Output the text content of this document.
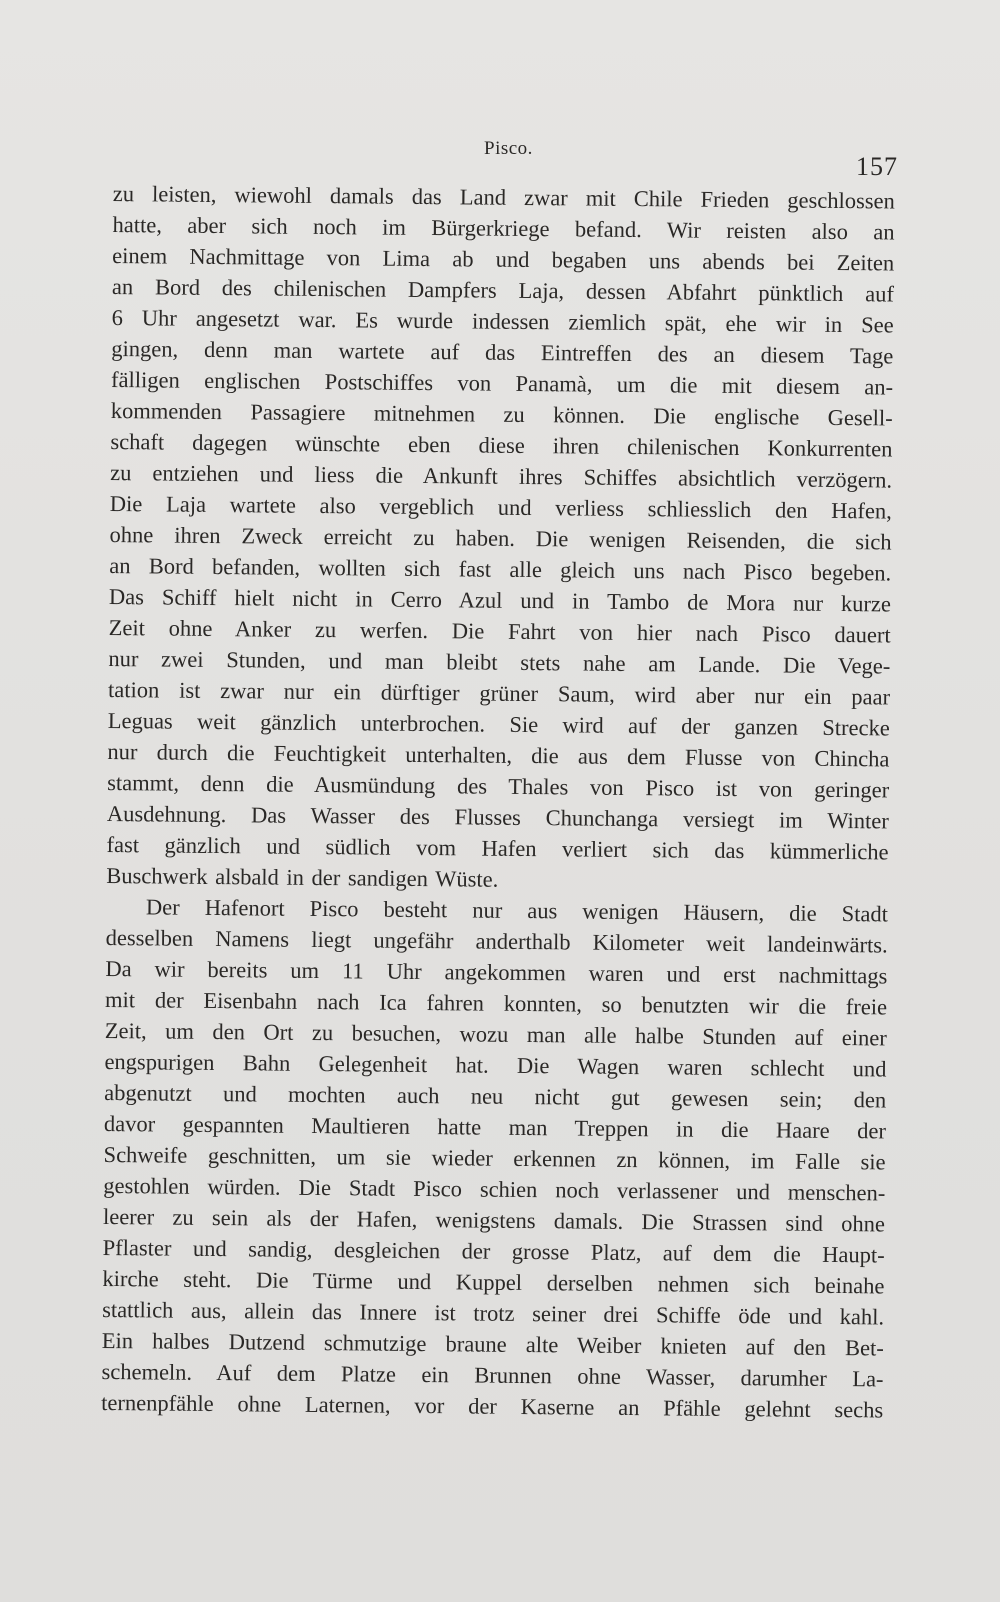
Pisco.
157
zu leisten, wiewohl damals das Land zwar mit Chile Frieden geschlossen
hatte, aber sich noch im Bürgerkriege befand. Wir reisten also an
einem Nachmittage von Lima ab und begaben uns abends bei Zeiten
an Bord des chilenischen Dampfers Laja, dessen Abfahrt pünktlich auf
6 Uhr angesetzt war. Es wurde indessen ziemlich spät, ehe wir in See
gingen, denn man wartete auf das Eintreffen des an diesem Tage
fälligen englischen Postschiffes von Panamà, um die mit diesem an-
kommenden Passagiere mitnehmen zu können. Die englische Gesell-
schaft dagegen wünschte eben diese ihren chilenischen Konkurrenten
zu entziehen und liess die Ankunft ihres Schiffes absichtlich verzögern.
Die Laja wartete also vergeblich und verliess schliesslich den Hafen,
ohne ihren Zweck erreicht zu haben. Die wenigen Reisenden, die sich
an Bord befanden, wollten sich fast alle gleich uns nach Pisco begeben.
Das Schiff hielt nicht in Cerro Azul und in Tambo de Mora nur kurze
Zeit ohne Anker zu werfen. Die Fahrt von hier nach Pisco dauert
nur zwei Stunden, und man bleibt stets nahe am Lande. Die Vege-
tation ist zwar nur ein dürftiger grüner Saum, wird aber nur ein paar
Leguas weit gänzlich unterbrochen. Sie wird auf der ganzen Strecke
nur durch die Feuchtigkeit unterhalten, die aus dem Flusse von Chincha
stammt, denn die Ausmündung des Thales von Pisco ist von geringer
Ausdehnung. Das Wasser des Flusses Chunchanga versiegt im Winter
fast gänzlich und südlich vom Hafen verliert sich das kümmerliche
Buschwerk alsbald in der sandigen Wüste.
Der Hafenort Pisco besteht nur aus wenigen Häusern, die Stadt
desselben Namens liegt ungefähr anderthalb Kilometer weit landeinwärts.
Da wir bereits um 11 Uhr angekommen waren und erst nachmittags
mit der Eisenbahn nach Ica fahren konnten, so benutzten wir die freie
Zeit, um den Ort zu besuchen, wozu man alle halbe Stunden auf einer
engspurigen Bahn Gelegenheit hat. Die Wagen waren schlecht und
abgenutzt und mochten auch neu nicht gut gewesen sein; den
davor gespannten Maultieren hatte man Treppen in die Haare der
Schweife geschnitten, um sie wieder erkennen zn können, im Falle sie
gestohlen würden. Die Stadt Pisco schien noch verlassener und menschen-
leerer zu sein als der Hafen, wenigstens damals. Die Strassen sind ohne
Pflaster und sandig, desgleichen der grosse Platz, auf dem die Haupt-
kirche steht. Die Türme und Kuppel derselben nehmen sich beinahe
stattlich aus, allein das Innere ist trotz seiner drei Schiffe öde und kahl.
Ein halbes Dutzend schmutzige braune alte Weiber knieten auf den Bet-
schemeln. Auf dem Platze ein Brunnen ohne Wasser, darumher La-
ternenpfähle ohne Laternen, vor der Kaserne an Pfähle gelehnt sechs
